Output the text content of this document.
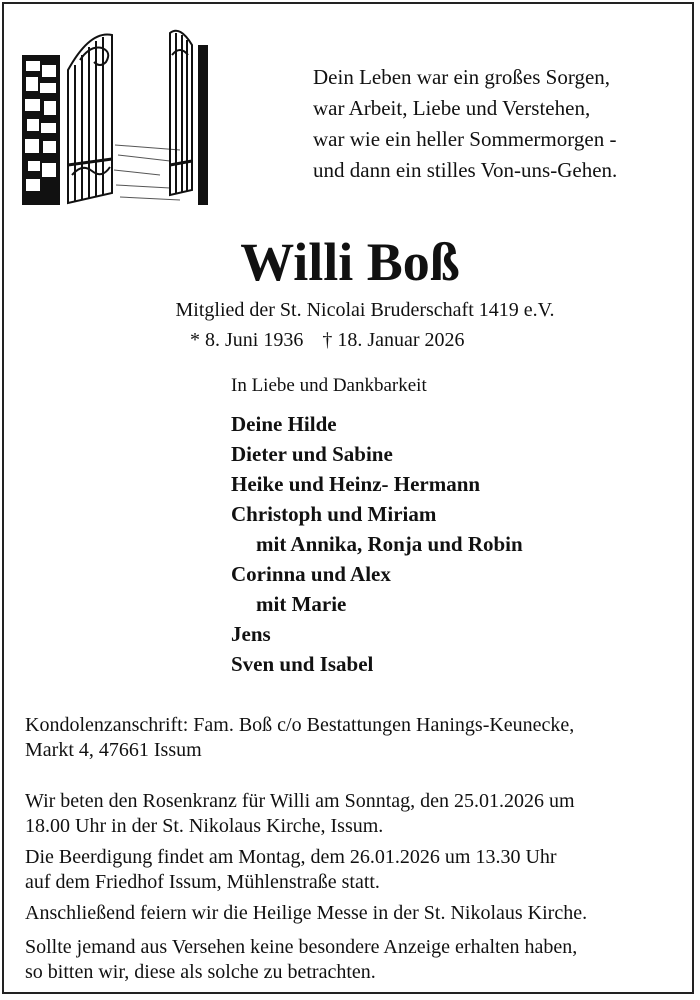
Dein Leben war ein großes Sorgen,
war Arbeit, Liebe und Verstehen,
war wie ein heller Sommermorgen -
und dann ein stilles Von-uns-Gehen.
Willi Boß
Mitglied der St. Nicolai Bruderschaft 1419 e.V.
* 8. Juni 1936 † 18. Januar 2026
In Liebe und Dankbarkeit
Deine Hilde
Dieter und Sabine
Heike und Heinz- Hermann
Christoph und Miriam
mit Annika, Ronja und Robin
Corinna und Alex
mit Marie
Jens
Sven und Isabel
Kondolenzanschrift: Fam. Boß c/o Bestattungen Hanings-Keunecke,
Markt 4, 47661 Issum
Wir beten den Rosenkranz für Willi am Sonntag, den 25.01.2026 um
18.00 Uhr in der St. Nikolaus Kirche, Issum.
Die Beerdigung findet am Montag, dem 26.01.2026 um 13.30 Uhr
auf dem Friedhof Issum, Mühlenstraße statt.
Anschließend feiern wir die Heilige Messe in der St. Nikolaus Kirche.
Sollte jemand aus Versehen keine besondere Anzeige erhalten haben,
so bitten wir, diese als solche zu betrachten.
